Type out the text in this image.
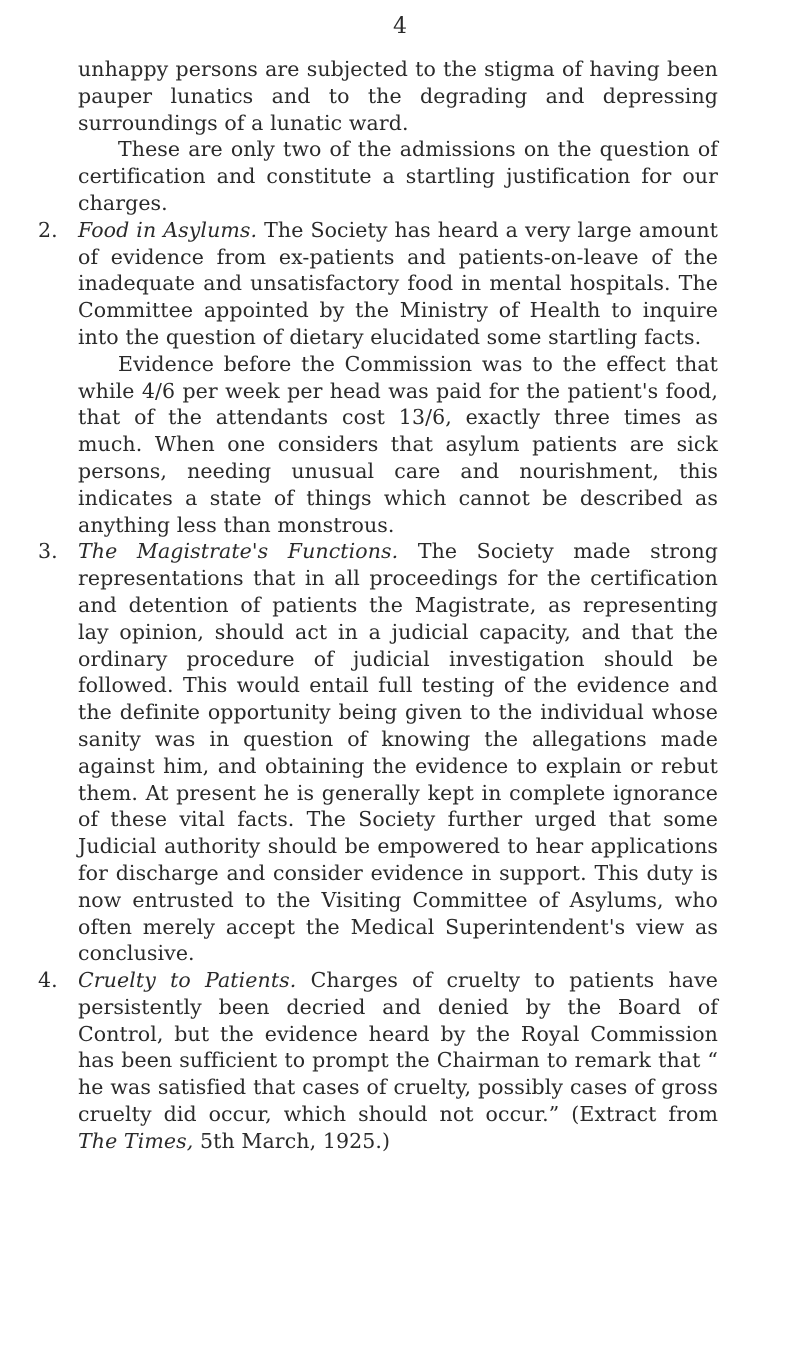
4

unhappy persons are subjected to the stigma of having been pauper lunatics and to the degrading and depressing surroundings of a lunatic ward.

These are only two of the admissions on the question of certification and constitute a startling justification for our charges.

2. Food in Asylums. The Society has heard a very large amount of evidence from ex-patients and patients-on-leave of the inadequate and unsatisfactory food in mental hospitals. The Committee appointed by the Ministry of Health to inquire into the question of dietary elucidated some startling facts.

Evidence before the Commission was to the effect that while 4/6 per week per head was paid for the patient's food, that of the attendants cost 13/6, exactly three times as much. When one considers that asylum patients are sick persons, needing unusual care and nourishment, this indicates a state of things which cannot be described as anything less than monstrous.

3. The Magistrate's Functions. The Society made strong representations that in all proceedings for the certification and detention of patients the Magistrate, as representing lay opinion, should act in a judicial capacity, and that the ordinary procedure of judicial investigation should be followed. This would entail full testing of the evidence and the definite opportunity being given to the individual whose sanity was in question of knowing the allegations made against him, and obtaining the evidence to explain or rebut them. At present he is generally kept in complete ignorance of these vital facts. The Society further urged that some Judicial authority should be empowered to hear applications for discharge and consider evidence in support. This duty is now entrusted to the Visiting Committee of Asylums, who often merely accept the Medical Superintendent's view as conclusive.

4. Cruelty to Patients. Charges of cruelty to patients have persistently been decried and denied by the Board of Control, but the evidence heard by the Royal Commission has been sufficient to prompt the Chairman to remark that “ he was satisfied that cases of cruelty, possibly cases of gross cruelty did occur, which should not occur.” (Extract from The Times, 5th March, 1925.)
